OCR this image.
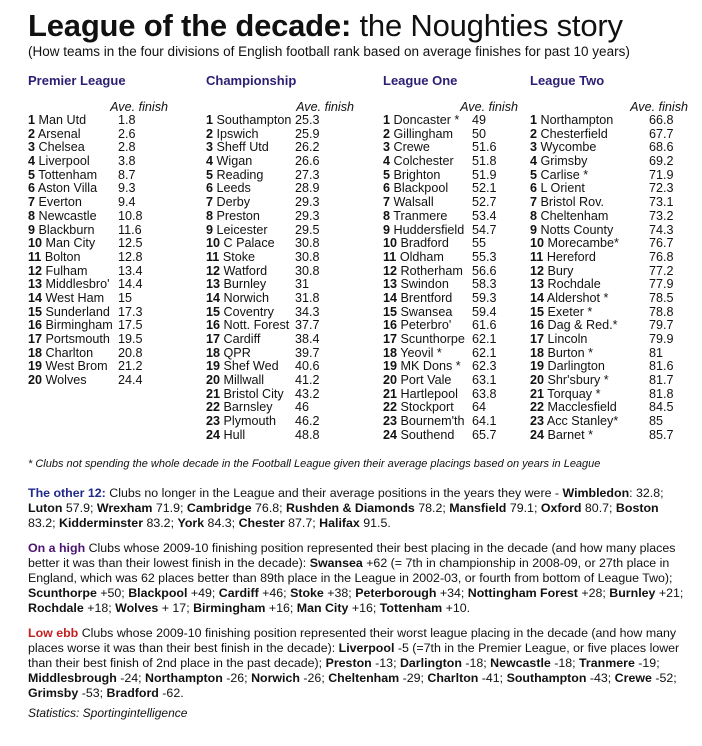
League of the decade: the Noughties story
(How teams in the four divisions of English football rank based on average finishes for past 10 years)
Premier League
Ave. finish
1 Man Utd	1.8
2 Arsenal	2.6
3 Chelsea	2.8
4 Liverpool 3.8
5 Tottenham 8.7
6 Aston Villa 9.3
7 Everton	9.4
8 Newcastle 10.8
9 Blackburn 11.6
10 Man City 12.5
11 Bolton	12.8
12 Fulham 13.4
13 Middlesbro' 14.4
14 West Ham 15
15 Sunderland 17.3
16 Birmingham 17.5
17 Portsmouth 19.5
18 Charlton 20.8
19 West Brom 21.2
20 Wolves 24.4
Championship
Ave. finish
1 Southampton 25.3
2 Ipswich	25.9
3 Sheff Utd 26.2
4 Wigan	26.6
5 Reading	27.3
6 Leeds	28.9
7 Derby	29.3
8 Preston	29.3
9 Leicester 29.5
10 C Palace 30.8
11 Stoke	30.8
12 Watford 30.8
13 Burnley 31
14 Norwich 31.8
15 Coventry 34.3
16 Nott. Forest 37.7
17 Cardiff	38.4
18 QPR	39.7
19 Shef Wed 40.6
20 Millwall 41.2
21 Bristol City 43.2
22 Barnsley 46
23 Plymouth 46.2
24 Hull	48.8
League One
Ave. finish
1 Doncaster * 49
2 Gillingham 50
3 Crewe	51.6
4 Colchester 51.8
5 Brighton	51.9
6 Blackpool 52.1
7 Walsall	52.7
8 Tranmere 53.4
9 Huddersfield 54.7
10 Bradford 55
11 Oldham 55.3
12 Rotherham 56.6
13 Swindon 58.3
14 Brentford 59.3
15 Swansea 59.4
16 Peterbro' 61.6
17 Scunthorpe 62.1
18 Yeovil * 62.1
19 MK Dons * 62.3
20 Port Vale 63.1
21 Hartlepool 63.8
22 Stockport 64
23 Bournem'th 64.1
24 Southend 65.7
League Two
Ave. finish
1 Northampton	66.8
2 Chesterfield	67.7
3 Wycombe	68.6
4 Grimsby	69.2
5 Carlise *	71.9
6 L Orient	72.3
7 Bristol Rov.	73.1
8 Cheltenham	73.2
9 Notts County	74.3
10 Morecambe* 76.7
11 Hereford	76.8
12 Bury	77.2
13 Rochdale	77.9
14 Aldershot *	78.5
15 Exeter *	78.8
16 Dag & Red.* 79.7
17 Lincoln	79.9
18 Burton *	81
19 Darlington	81.6
20 Shr'sbury *	81.7
21 Torquay *	81.8
22 Macclesfield	84.5
23 Acc Stanley* 85
24 Barnet *	85.7
* Clubs not spending the whole decade in the Football League given their average placings based on years in League
The other 12: Clubs no longer in the League and their average positions in the years they were - Wimbledon: 32.8; Luton 57.9; Wrexham 71.9; Cambridge 76.8; Rushden & Diamonds 78.2; Mansfield 79.1; Oxford 80.7; Boston 83.2; Kidderminster 83.2; York 84.3; Chester 87.7; Halifax 91.5.
On a high Clubs whose 2009-10 finishing position represented their best placing in the decade (and how many places better it was than their lowest finish in the decade): Swansea +62 (= 7th in championship in 2008-09, or 27th place in England, which was 62 places better than 89th place in the League in 2002-03, or fourth from bottom of League Two); Scunthorpe +50; Blackpool +49; Cardiff +46; Stoke +38; Peterborough +34; Nottingham Forest +28; Burnley +21; Rochdale +18; Wolves + 17; Birmingham +16; Man City +16; Tottenham +10.
Low ebb Clubs whose 2009-10 finishing position represented their worst league placing in the decade (and how many places worse it was than their best finish in the decade): Liverpool -5 (=7th in the Premier League, or five places lower than their best finish of 2nd place in the past decade); Preston -13; Darlington -18; Newcastle -18; Tranmere -19; Middlesbrough -24; Northampton -26; Norwich -26; Cheltenham -29; Charlton -41; Southampton -43; Crewe -52; Grimsby -53; Bradford -62.
Statistics: Sportingintelligence
